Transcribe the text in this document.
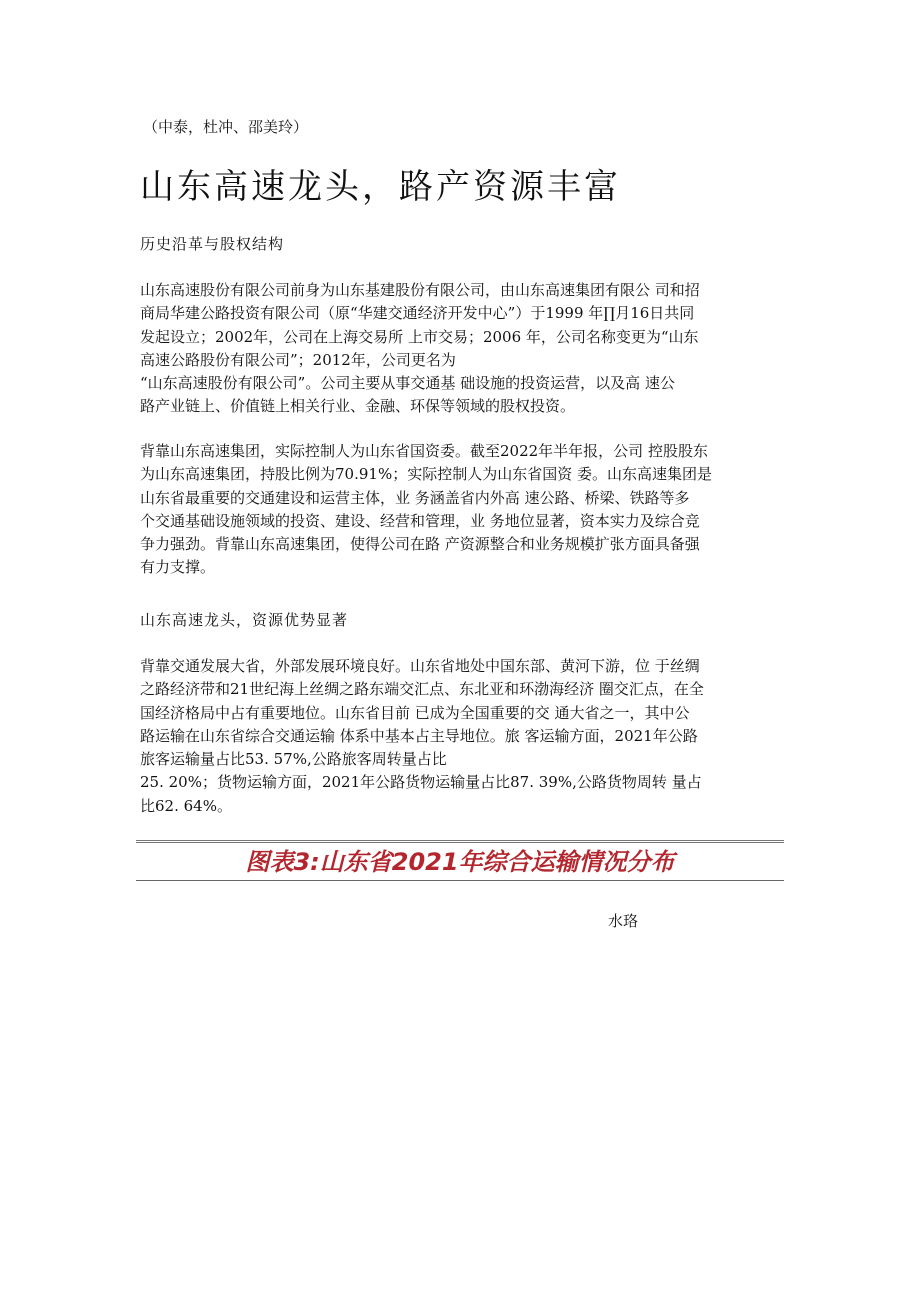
（中泰，杜冲、邵美玲）
山东高速龙头，路产资源丰富
历史沿革与股权结构
山东高速股份有限公司前身为山东基建股份有限公司，由山东高速集团有限公 司和招
商局华建公路投资有限公司（原“华建交通经济开发中心”）于1999 年∏月16日共同
发起设立；2002年，公司在上海交易所 上市交易；2006 年，公司名称变更为“山东
高速公路股份有限公司”；2012年，公司更名为
“山东高速股份有限公司”。公司主要从事交通基 础设施的投资运营，以及高 速公
路产业链上、价值链上相关行业、金融、环保等领域的股权投资。
背靠山东高速集团，实际控制人为山东省国资委。截至2022年半年报，公司 控股股东
为山东高速集团，持股比例为70.91%；实际控制人为山东省国资 委。山东高速集团是
山东省最重要的交通建设和运营主体，业 务涵盖省内外高 速公路、桥梁、铁路等多
个交通基础设施领域的投资、建设、经营和管理，业 务地位显著，资本实力及综合竞
争力强劲。背靠山东高速集团，使得公司在路 产资源整合和业务规模扩张方面具备强
有力支撑。
山东高速龙头，资源优势显著
背靠交通发展大省，外部发展环境良好。山东省地处中国东部、黄河下游，位 于丝绸
之路经济带和21世纪海上丝绸之路东端交汇点、东北亚和环渤海经济 圈交汇点，在全
国经济格局中占有重要地位。山东省目前 已成为全国重要的交 通大省之一，其中公
路运输在山东省综合交通运输 体系中基本占主导地位。旅 客运输方面，2021年公路
旅客运输量占比53. 57%,公路旅客周转量占比
25. 20%；货物运输方面，2021年公路货物运输量占比87. 39%,公路货物周转 量占
比62. 64%。
图表3:山东省2021年综合运输情况分布
水珞
